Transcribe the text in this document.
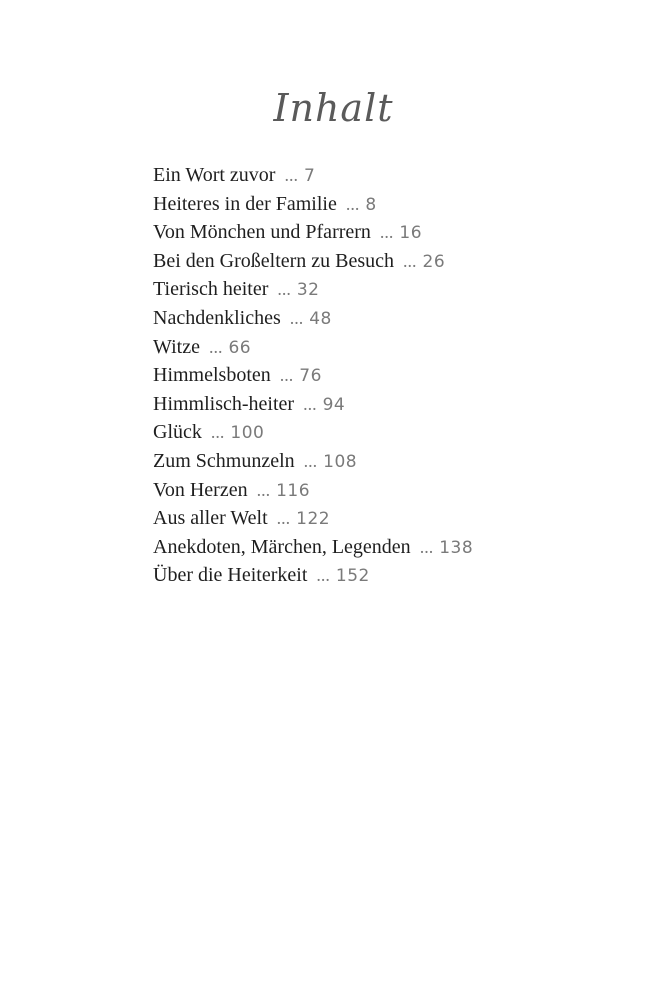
Inhalt
Ein Wort zuvor ... 7
Heiteres in der Familie ... 8
Von Mönchen und Pfarrern ... 16
Bei den Großeltern zu Besuch ... 26
Tierisch heiter ... 32
Nachdenkliches ... 48
Witze ... 66
Himmelsboten ... 76
Himmlisch-heiter ... 94
Glück ... 100
Zum Schmunzeln ... 108
Von Herzen ... 116
Aus aller Welt ... 122
Anekdoten, Märchen, Legenden ... 138
Über die Heiterkeit ... 152
